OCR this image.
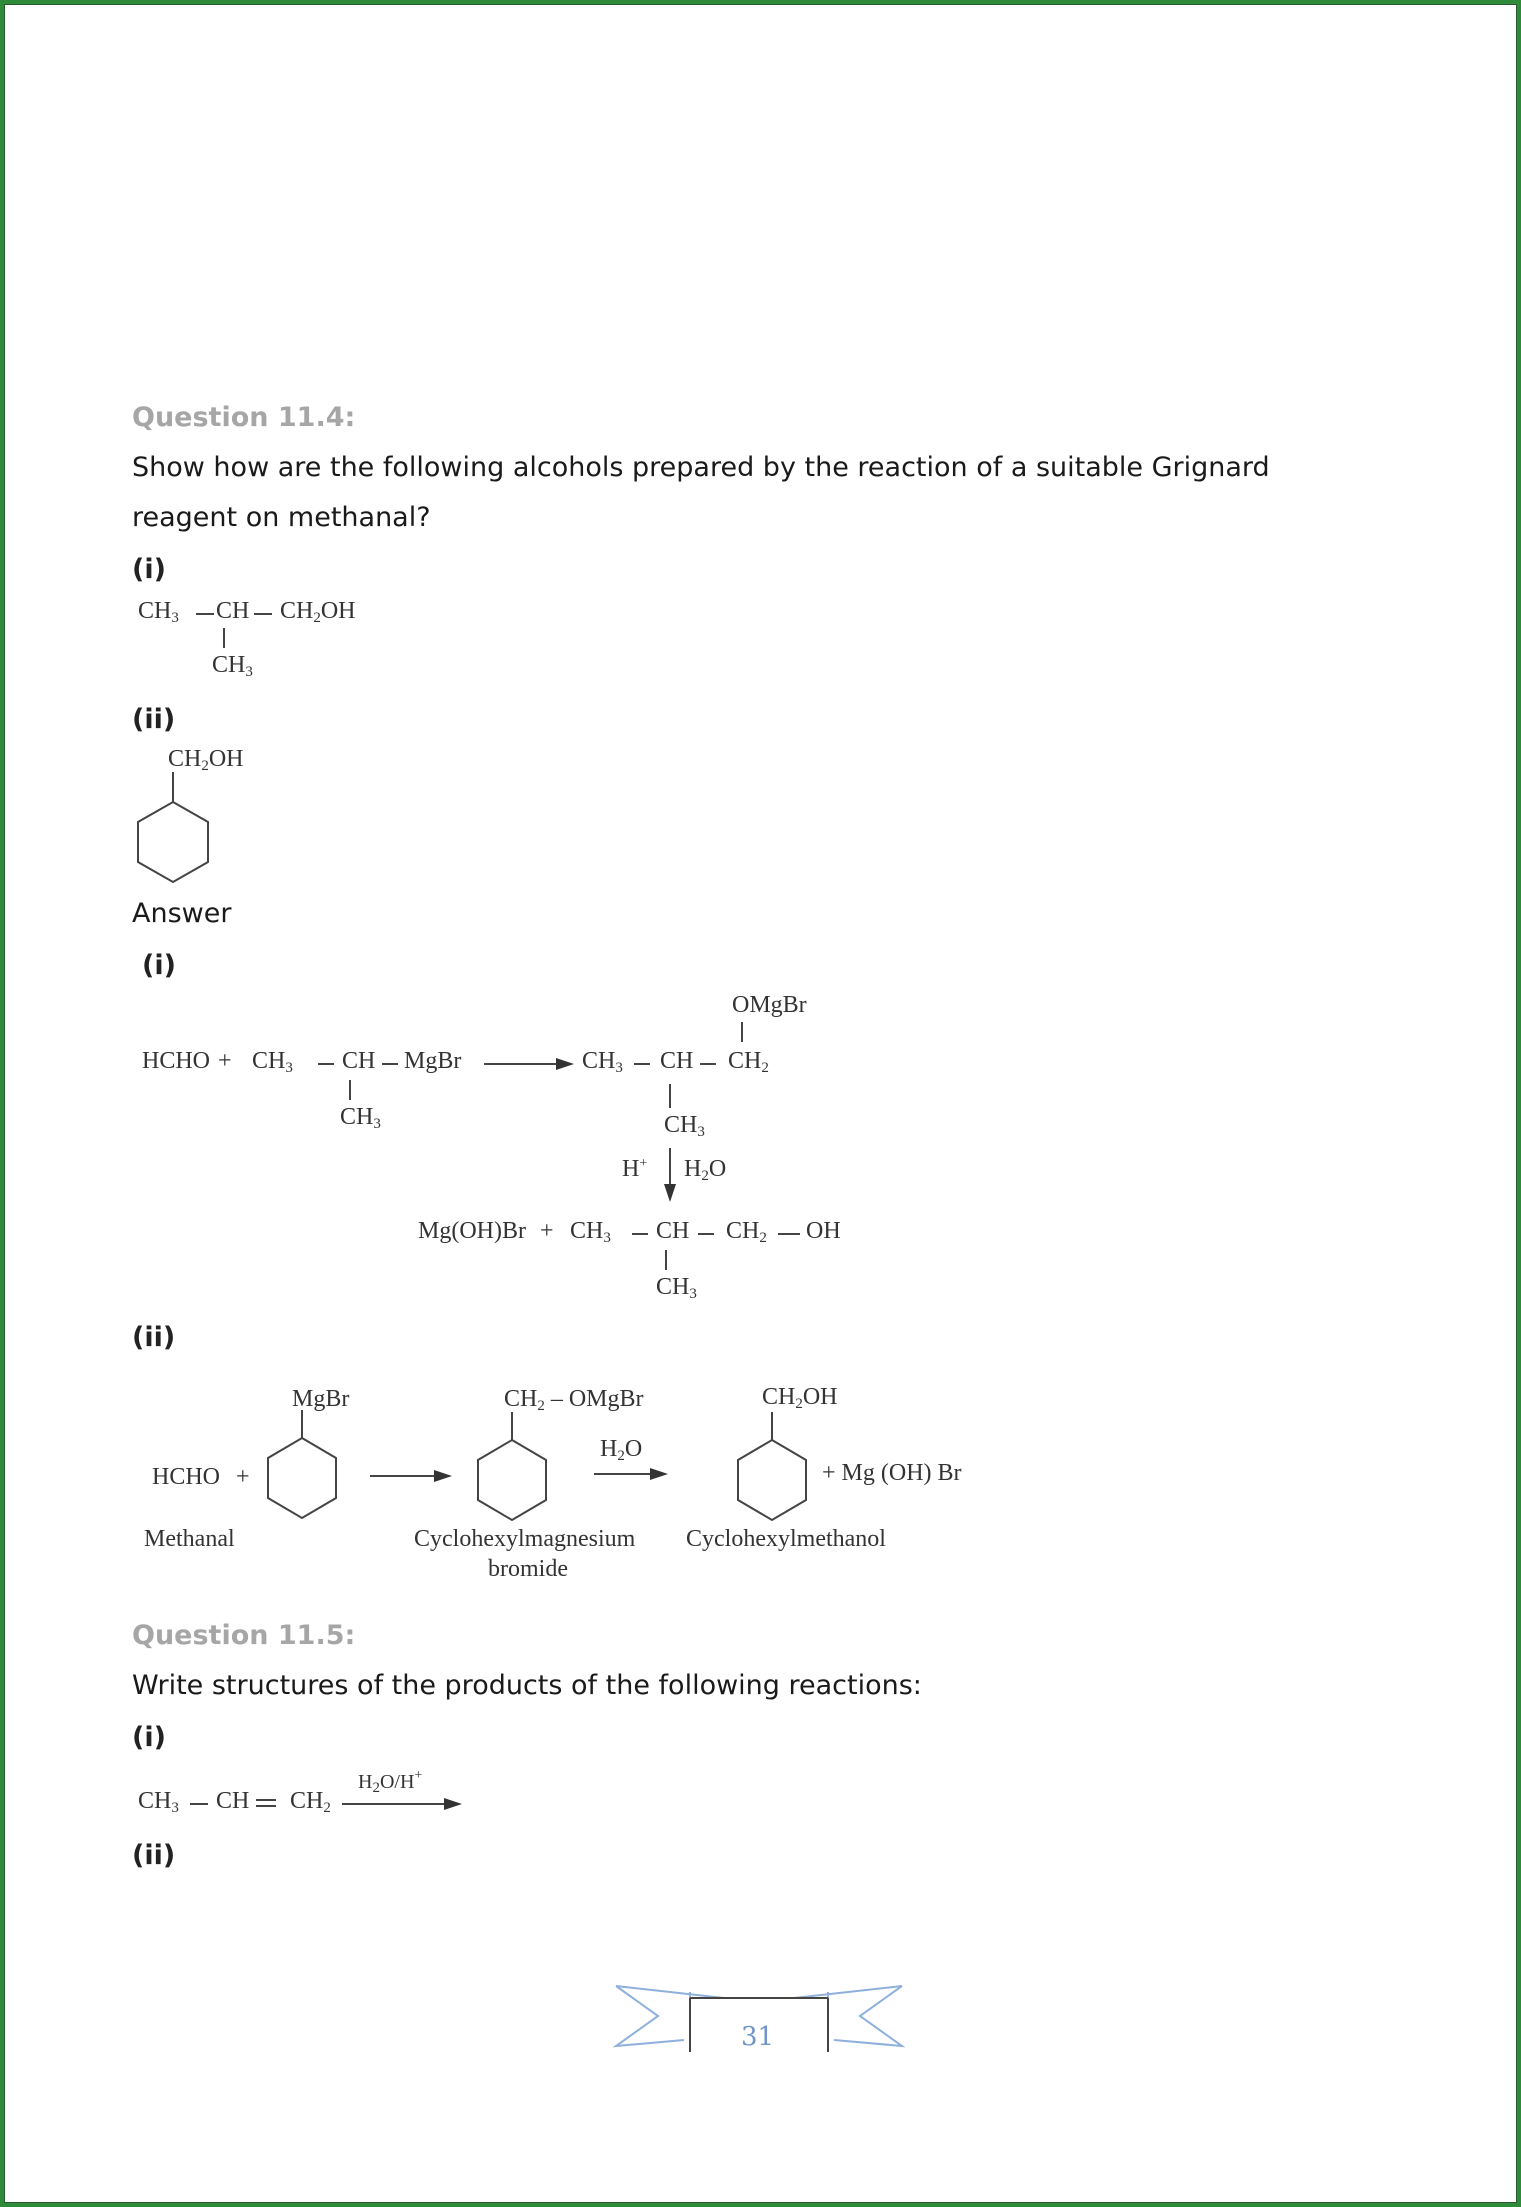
Question 11.4:
Show how are the following alcohols prepared by the reaction of a suitable Grignard
reagent on methanal?
(i)
$CH_3$ CH $CH_2OH$
$CH_3$
(ii)
$CH_2OH$
Answer
(i)
HCHO + $CH_3$ CH MgBr
$CH_3$
$CH_3$ CH $CH_2$
OMgBr
$CH_3$
H+ $H_2O$
$Mg(OH)Br + CH_3$ CH $CH_2$ OH
$CH_3$
(ii)
HCHO +
Methanal
MgBr	$CH_2$ – OMgBr
Cyclohexylmagnesium
bromide
$H_2O$
$CH_2OH$
+ Mg (OH) Br
Cyclohexylmethanol
Question 11.5:
Write structures of the products of the following reactions:
(i)
$CH_3$ CH $CH_2$
$H_2O/H^+$
(ii)
31
